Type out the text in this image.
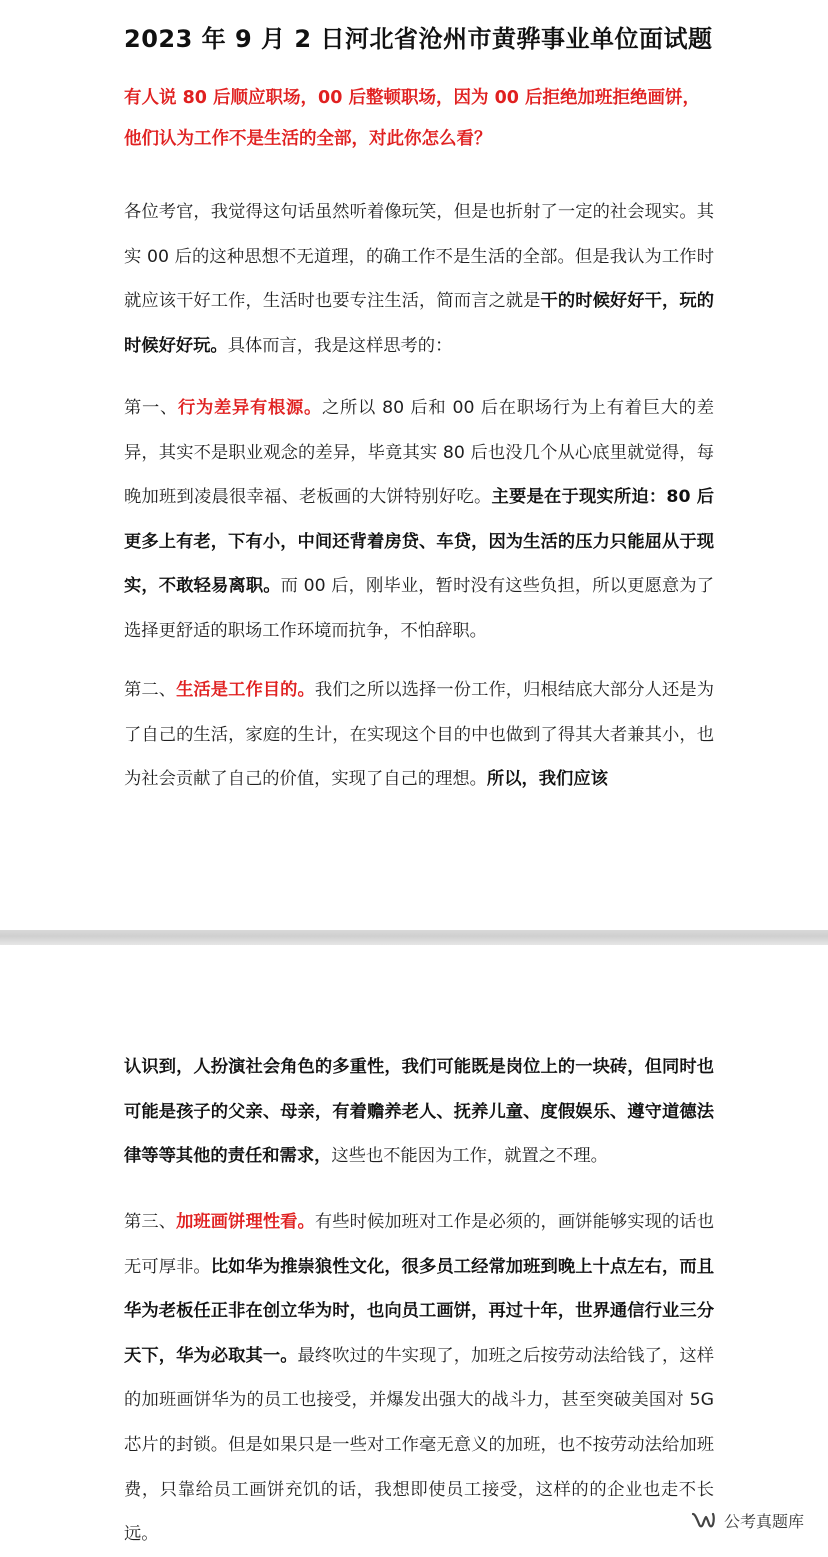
2023 年 9 月 2 日河北省沧州市黄骅事业单位面试题

有人说 80 后顺应职场，00 后整顿职场，因为 00 后拒绝加班拒绝画饼，他们认为工作不是生活的全部，对此你怎么看？

各位考官，我觉得这句话虽然听着像玩笑，但是也折射了一定的社会现实。其实 00 后的这种思想不无道理，的确工作不是生活的全部。但是我认为工作时就应该干好工作，生活时也要专注生活，简而言之就是干的时候好好干，玩的时候好好玩。具体而言，我是这样思考的：

第一、行为差异有根源。之所以 80 后和 00 后在职场行为上有着巨大的差异，其实不是职业观念的差异，毕竟其实 80 后也没几个从心底里就觉得，每晚加班到凌晨很幸福、老板画的大饼特别好吃。主要是在于现实所迫：80 后更多上有老，下有小，中间还背着房贷、车贷，因为生活的压力只能屈从于现实，不敢轻易离职。而 00 后，刚毕业，暂时没有这些负担，所以更愿意为了选择更舒适的职场工作环境而抗争，不怕辞职。

第二、生活是工作目的。我们之所以选择一份工作，归根结底大部分人还是为了自己的生活，家庭的生计，在实现这个目的中也做到了得其大者兼其小，也为社会贡献了自己的价值，实现了自己的理想。所以，我们应该

认识到，人扮演社会角色的多重性，我们可能既是岗位上的一块砖，但同时也可能是孩子的父亲、母亲，有着赡养老人、抚养儿童、度假娱乐、遵守道德法律等等其他的责任和需求，这些也不能因为工作，就置之不理。

第三、加班画饼理性看。有些时候加班对工作是必须的，画饼能够实现的话也无可厚非。比如华为推崇狼性文化，很多员工经常加班到晚上十点左右，而且华为老板任正非在创立华为时，也向员工画饼，再过十年，世界通信行业三分天下，华为必取其一。最终吹过的牛实现了，加班之后按劳动法给钱了，这样的加班画饼华为的员工也接受，并爆发出强大的战斗力，甚至突破美国对 5G 芯片的封锁。但是如果只是一些对工作毫无意义的加班，也不按劳动法给加班费，只靠给员工画饼充饥的话，我想即使员工接受，这样的的企业也走不长远。

公考真题库
